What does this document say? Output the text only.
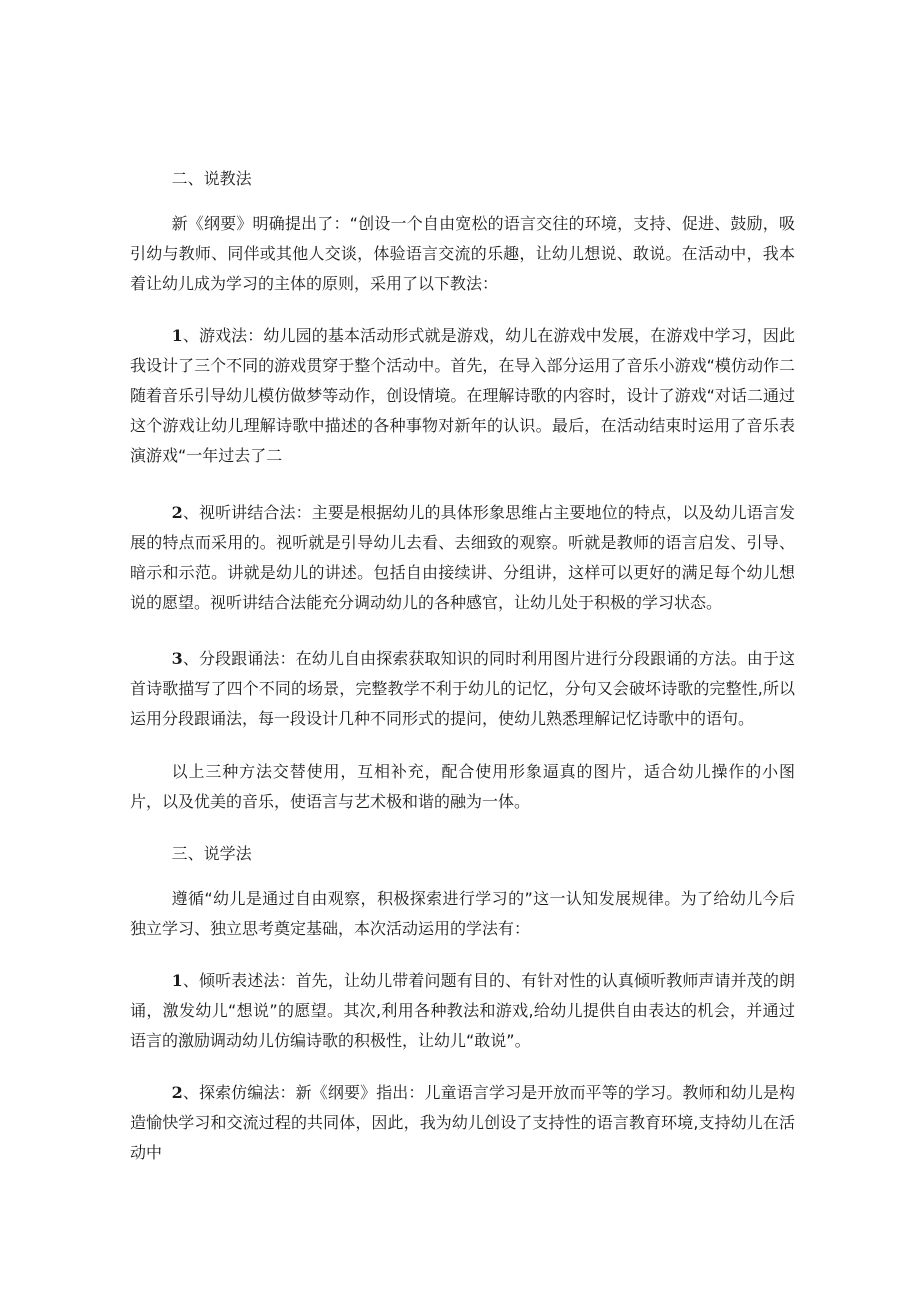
二、说教法

新《纲要》明确提出了：“创设一个自由宽松的语言交往的环境，支持、促进、鼓励，吸引幼与教师、同伴或其他人交谈，体验语言交流的乐趣，让幼儿想说、敢说。在活动中，我本着让幼儿成为学习的主体的原则，采用了以下教法：

1、游戏法：幼儿园的基本活动形式就是游戏，幼儿在游戏中发展，在游戏中学习，因此我设计了三个不同的游戏贯穿于整个活动中。首先，在导入部分运用了音乐小游戏“模仿动作二随着音乐引导幼儿模仿做梦等动作，创设情境。在理解诗歌的内容时，设计了游戏“对话二通过这个游戏让幼儿理解诗歌中描述的各种事物对新年的认识。最后，在活动结束时运用了音乐表演游戏“一年过去了二

2、视听讲结合法：主要是根据幼儿的具体形象思维占主要地位的特点，以及幼儿语言发展的特点而采用的。视听就是引导幼儿去看、去细致的观察。听就是教师的语言启发、引导、暗示和示范。讲就是幼儿的讲述。包括自由接续讲、分组讲，这样可以更好的满足每个幼儿想说的愿望。视听讲结合法能充分调动幼儿的各种感官，让幼儿处于积极的学习状态。

3、分段跟诵法：在幼儿自由探索获取知识的同时利用图片进行分段跟诵的方法。由于这首诗歌描写了四个不同的场景，完整教学不利于幼儿的记忆，分句又会破坏诗歌的完整性,所以运用分段跟诵法，每一段设计几种不同形式的提问，使幼儿熟悉理解记忆诗歌中的语句。

以上三种方法交替使用，互相补充，配合使用形象逼真的图片，适合幼儿操作的小图片，以及优美的音乐，使语言与艺术极和谐的融为一体。

三、说学法

遵循“幼儿是通过自由观察，积极探索进行学习的”这一认知发展规律。为了给幼儿今后独立学习、独立思考奠定基础，本次活动运用的学法有：

1、倾听表述法：首先，让幼儿带着问题有目的、有针对性的认真倾听教师声请并茂的朗诵，激发幼儿“想说”的愿望。其次,利用各种教法和游戏,给幼儿提供自由表达的机会，并通过语言的激励调动幼儿仿编诗歌的积极性，让幼儿“敢说”。

2、探索仿编法：新《纲要》指出：儿童语言学习是开放而平等的学习。教师和幼儿是构造愉快学习和交流过程的共同体，因此，我为幼儿创设了支持性的语言教育环境,支持幼儿在活动中
